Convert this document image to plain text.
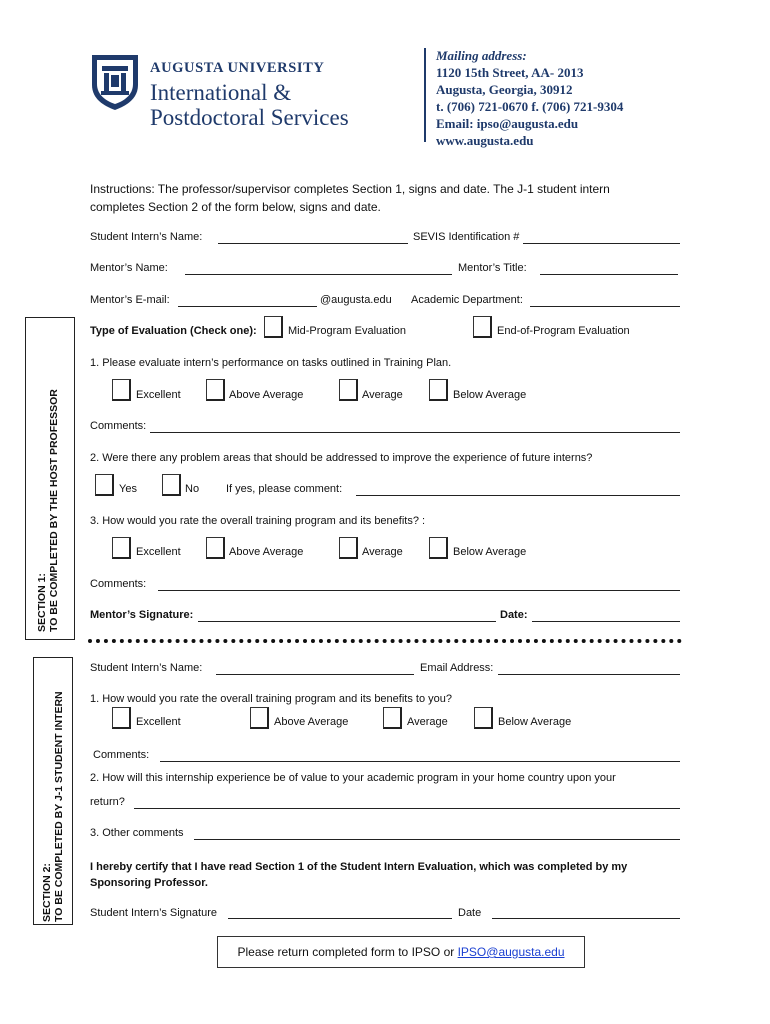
AUGUSTA UNIVERSITY
International &
Postdoctoral Services
Mailing address:
1120 15th Street, AA- 2013
Augusta, Georgia, 30912
t. (706) 721-0670 f. (706) 721-9304
Email: ipso@augusta.edu
www.augusta.edu
Instructions: The professor/supervisor completes Section 1, signs and date. The J-1 student intern completes Section 2 of the form below, signs and date.
SECTION 1: TO BE COMPLETED BY THE HOST PROFESSOR
Student Intern’s Name:	SEVIS Identification #
Mentor’s Name:	Mentor’s Title:
Mentor’s E-mail:	@augusta.edu Academic Department:
Type of Evaluation (Check one):	Mid-Program Evaluation	End-of-Program Evaluation
1. Please evaluate intern’s performance on tasks outlined in Training Plan.
Excellent	Above Average	Average	Below Average
Comments:
2. Were there any problem areas that should be addressed to improve the experience of future interns?
Yes	No If yes, please comment:
3. How would you rate the overall training program and its benefits? :
Excellent	Above Average	Average	Below Average
Comments:
Mentor’s Signature:	Date:
SECTION 2: TO BE COMPLETED BY J-1 STUDENT INTERN
Student Intern’s Name:	Email Address:
1. How would you rate the overall training program and its benefits to you?
Excellent	Above Average	Average	Below Average
Comments:
2. How will this internship experience be of value to your academic program in your home country upon your
return?
3. Other comments
I hereby certify that I have read Section 1 of the Student Intern Evaluation, which was completed by my Sponsoring Professor.
Student Intern’s Signature	Date
Please return completed form to IPSO or IPSO@augusta.edu
